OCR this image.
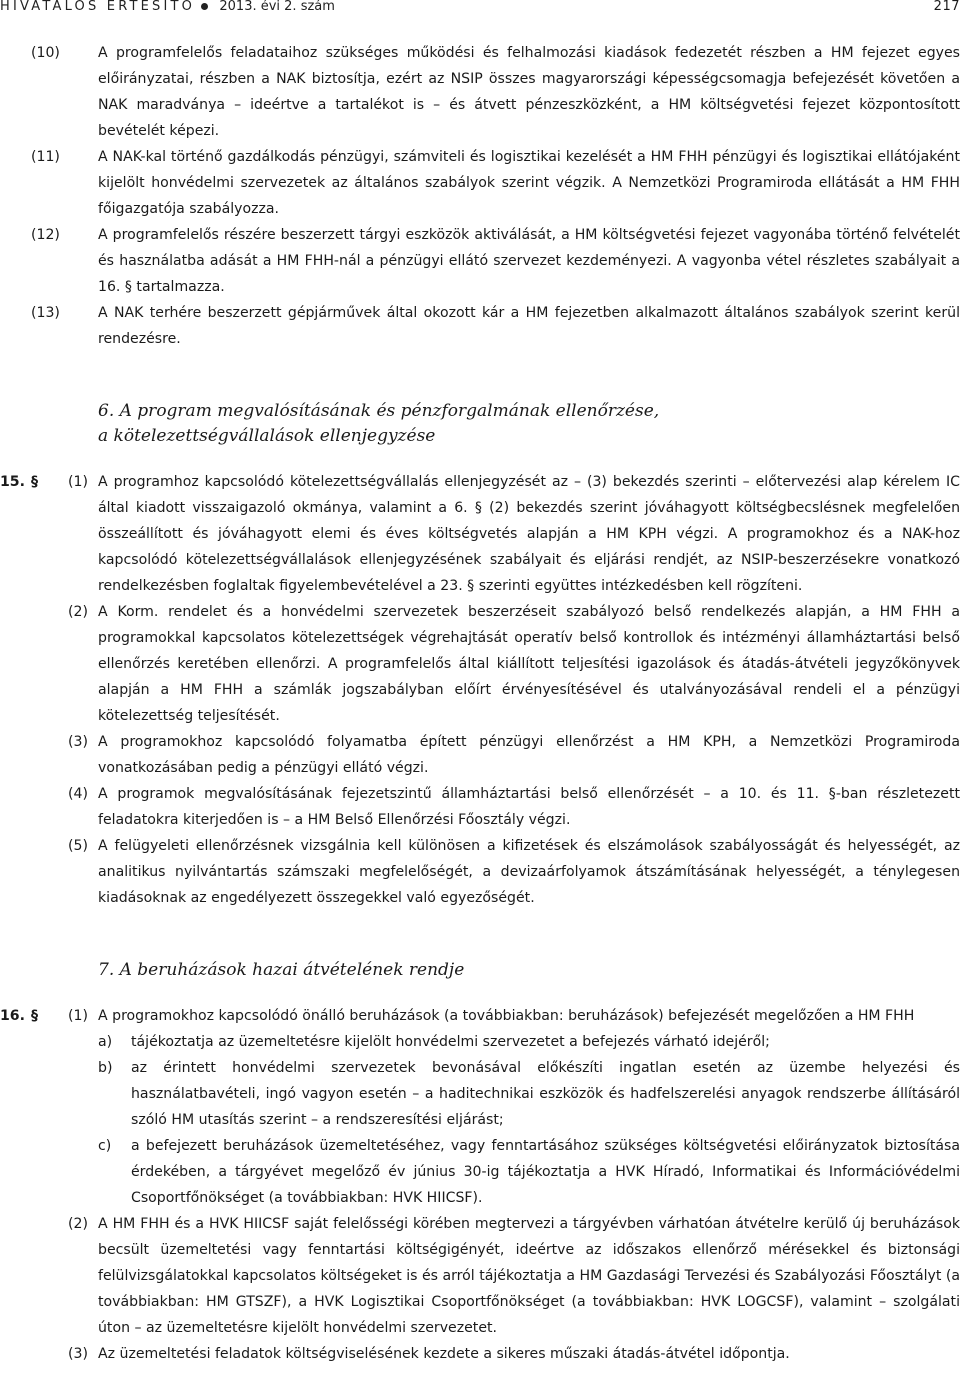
HIVATALOS ÉRTESÍTŐ 2013. évi 2. szám	217

(10)	A programfelelős feladataihoz szükséges működési és felhalmozási kiadások fedezetét részben a HM fejezet egyes előirányzatai, részben a NAK biztosítja, ezért az NSIP összes magyarországi képességcsomagja befejezését követően a NAK maradványa – ideértve a tartalékot is – és átvett pénzeszközként, a HM költségvetési fejezet központosított bevételét képezi.

(11)	A NAK-kal történő gazdálkodás pénzügyi, számviteli és logisztikai kezelését a HM FHH pénzügyi és logisztikai ellátójaként kijelölt honvédelmi szervezetek az általános szabályok szerint végzik. A Nemzetközi Programiroda ellátását a HM FHH főigazgatója szabályozza.

(12)	A programfelelős részére beszerzett tárgyi eszközök aktiválását, a HM költségvetési fejezet vagyonába történő felvételét és használatba adását a HM FHH-nál a pénzügyi ellátó szervezet kezdeményezi. A vagyonba vétel részletes szabályait a 16. § tartalmazza.

(13)	A NAK terhére beszerzett gépjárművek által okozott kár a HM fejezetben alkalmazott általános szabályok szerint kerül rendezésre.

6. A program megvalósításának és pénzforgalmának ellenőrzése,
a kötelezettségvállalások ellenjegyzése

15. § (1) A programhoz kapcsolódó kötelezettségvállalás ellenjegyzését az – (3) bekezdés szerinti – előtervezési alap kérelem IC által kiadott visszaigazoló okmánya, valamint a 6. § (2) bekezdés szerint jóváhagyott költségbecslésnek megfelelően összeállított és jóváhagyott elemi és éves költségvetés alapján a HM KPH végzi. A programokhoz és a NAK-hoz kapcsolódó kötelezettségvállalások ellenjegyzésének szabályait és eljárási rendjét, az NSIP-beszerzésekre vonatkozó rendelkezésben foglaltak figyelembevételével a 23. § szerinti együttes intézkedésben kell rögzíteni.

(2) A Korm. rendelet és a honvédelmi szervezetek beszerzéseit szabályozó belső rendelkezés alapján, a HM FHH a programokkal kapcsolatos kötelezettségek végrehajtását operatív belső kontrollok és intézményi államháztartási belső ellenőrzés keretében ellenőrzi. A programfelelős által kiállított teljesítési igazolások és átadás-átvételi jegyzőkönyvek alapján a HM FHH a számlák jogszabályban előírt érvényesítésével és utalványozásával rendeli el a pénzügyi kötelezettség teljesítését.

(3) A programokhoz kapcsolódó folyamatba épített pénzügyi ellenőrzést a HM KPH, a Nemzetközi Programiroda vonatkozásában pedig a pénzügyi ellátó végzi.

(4) A programok megvalósításának fejezetszintű államháztartási belső ellenőrzését – a 10. és 11. §-ban részletezett feladatokra kiterjedően is – a HM Belső Ellenőrzési Főosztály végzi.

(5) A felügyeleti ellenőrzésnek vizsgálnia kell különösen a kifizetések és elszámolások szabályosságát és helyességét, az analitikus nyilvántartás számszaki megfelelőségét, a devizaárfolyamok átszámításának helyességét, a ténylegesen kiadásoknak az engedélyezett összegekkel való egyezőségét.

7. A beruházások hazai átvételének rendje

16. § (1) A programokhoz kapcsolódó önálló beruházások (a továbbiakban: beruházások) befejezését megelőzően a HM FHH

a) tájékoztatja az üzemeltetésre kijelölt honvédelmi szervezetet a befejezés várható idejéről;

b) az érintett honvédelmi szervezetek bevonásával előkészíti ingatlan esetén az üzembe helyezési és használatbavételi, ingó vagyon esetén – a haditechnikai eszközök és hadfelszerelési anyagok rendszerbe állításáról szóló HM utasítás szerint – a rendszeresítési eljárást;

c) a befejezett beruházások üzemeltetéséhez, vagy fenntartásához szükséges költségvetési előirányzatok biztosítása érdekében, a tárgyévet megelőző év június 30-ig tájékoztatja a HVK Híradó, Informatikai és Információvédelmi Csoportfőnökséget (a továbbiakban: HVK HIICSF).

(2) A HM FHH és a HVK HIICSF saját felelősségi körében megtervezi a tárgyévben várhatóan átvételre kerülő új beruházások becsült üzemeltetési vagy fenntartási költségigényét, ideértve az időszakos ellenőrző mérésekkel és biztonsági felülvizsgálatokkal kapcsolatos költségeket is és arról tájékoztatja a HM Gazdasági Tervezési és Szabályozási Főosztályt (a továbbiakban: HM GTSZF), a HVK Logisztikai Csoportfőnökséget (a továbbiakban: HVK LOGCSF), valamint – szolgálati úton – az üzemeltetésre kijelölt honvédelmi szervezetet.

(3) Az üzemeltetési feladatok költségviselésének kezdete a sikeres műszaki átadás-átvétel időpontja.
